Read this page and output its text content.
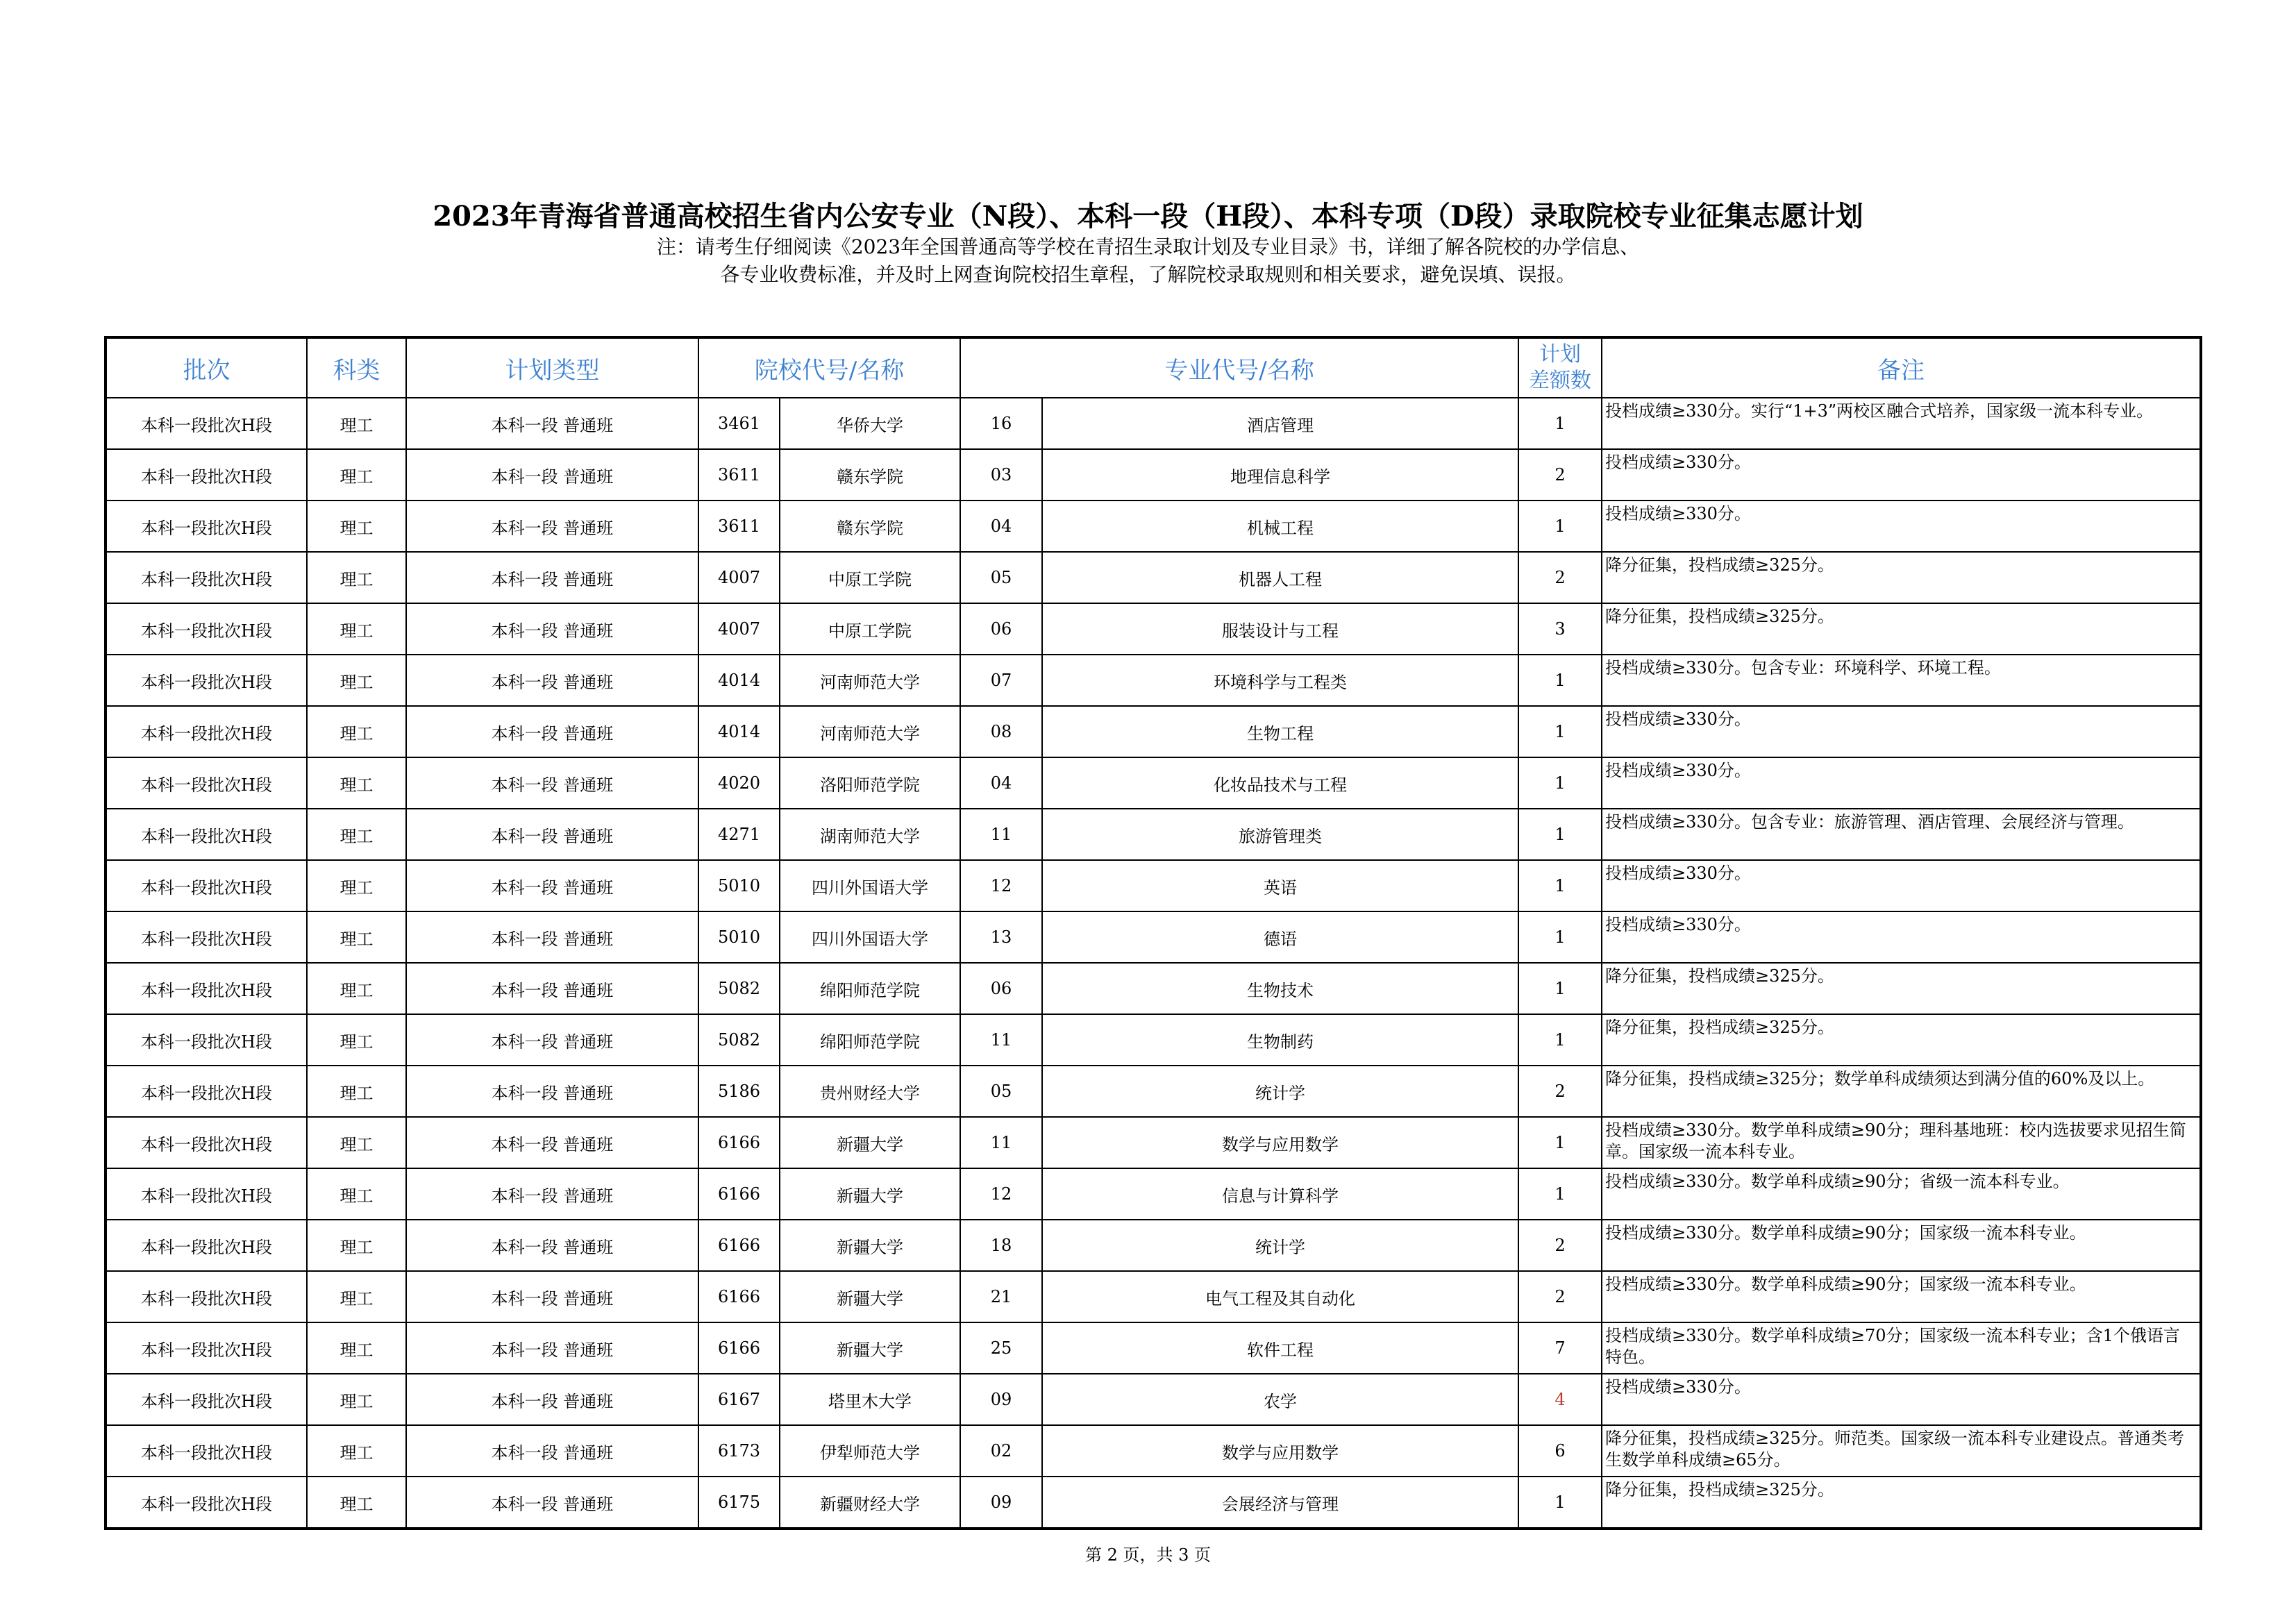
2023年青海省普通高校招生省内公安专业（N段）、本科一段（H段）、本科专项（D段）录取院校专业征集志愿计划
注：请考生仔细阅读《2023年全国普通高等学校在青招生录取计划及专业目录》书，详细了解各院校的办学信息、
各专业收费标准，并及时上网查询院校招生章程，了解院校录取规则和相关要求，避免误填、误报。
批次	科类	计划类型	院校代号/名称		专业代号/名称		计划
差额数	备注
本科一段批次H段	理工	本科一段 普通班	3461	华侨大学	16	酒店管理	1	投档成绩≥330分。实行“1+3”两校区融合式培养，国家级一流本科专业。
本科一段批次H段	理工	本科一段 普通班	3611	赣东学院	03	地理信息科学	2	投档成绩≥330分。
本科一段批次H段	理工	本科一段 普通班	3611	赣东学院	04	机械工程	1	投档成绩≥330分。
本科一段批次H段	理工	本科一段 普通班	4007	中原工学院	05	机器人工程	2	降分征集，投档成绩≥325分。
本科一段批次H段	理工	本科一段 普通班	4007	中原工学院	06	服装设计与工程	3	降分征集，投档成绩≥325分。
本科一段批次H段	理工	本科一段 普通班	4014	河南师范大学	07	环境科学与工程类	1	投档成绩≥330分。包含专业：环境科学、环境工程。
本科一段批次H段	理工	本科一段 普通班	4014	河南师范大学	08	生物工程	1	投档成绩≥330分。
本科一段批次H段	理工	本科一段 普通班	4020	洛阳师范学院	04	化妆品技术与工程	1	投档成绩≥330分。
本科一段批次H段	理工	本科一段 普通班	4271	湖南师范大学	11	旅游管理类	1	投档成绩≥330分。包含专业：旅游管理、酒店管理、会展经济与管理。
本科一段批次H段	理工	本科一段 普通班	5010	四川外国语大学	12	英语	1	投档成绩≥330分。
本科一段批次H段	理工	本科一段 普通班	5010	四川外国语大学	13	德语	1	投档成绩≥330分。
本科一段批次H段	理工	本科一段 普通班	5082	绵阳师范学院	06	生物技术	1	降分征集，投档成绩≥325分。
本科一段批次H段	理工	本科一段 普通班	5082	绵阳师范学院	11	生物制药	1	降分征集，投档成绩≥325分。
本科一段批次H段	理工	本科一段 普通班	5186	贵州财经大学	05	统计学	2	降分征集，投档成绩≥325分；数学单科成绩须达到满分值的60%及以上。
本科一段批次H段	理工	本科一段 普通班	6166	新疆大学	11	数学与应用数学	1	投档成绩≥330分。数学单科成绩≥90分；理科基地班：校内选拔要求见招生简章。国家级一流本科专业。
本科一段批次H段	理工	本科一段 普通班	6166	新疆大学	12	信息与计算科学	1	投档成绩≥330分。数学单科成绩≥90分；省级一流本科专业。
本科一段批次H段	理工	本科一段 普通班	6166	新疆大学	18	统计学	2	投档成绩≥330分。数学单科成绩≥90分；国家级一流本科专业。
本科一段批次H段	理工	本科一段 普通班	6166	新疆大学	21	电气工程及其自动化	2	投档成绩≥330分。数学单科成绩≥90分；国家级一流本科专业。
本科一段批次H段	理工	本科一段 普通班	6166	新疆大学	25	软件工程	7	投档成绩≥330分。数学单科成绩≥70分；国家级一流本科专业；含1个俄语言特色。
本科一段批次H段	理工	本科一段 普通班	6167	塔里木大学	09	农学	4	投档成绩≥330分。
本科一段批次H段	理工	本科一段 普通班	6173	伊犁师范大学	02	数学与应用数学	6	降分征集，投档成绩≥325分。师范类。国家级一流本科专业建设点。普通类考生数学单科成绩≥65分。
本科一段批次H段	理工	本科一段 普通班	6175	新疆财经大学	09	会展经济与管理	1	降分征集，投档成绩≥325分。
第 2 页，共 3 页
